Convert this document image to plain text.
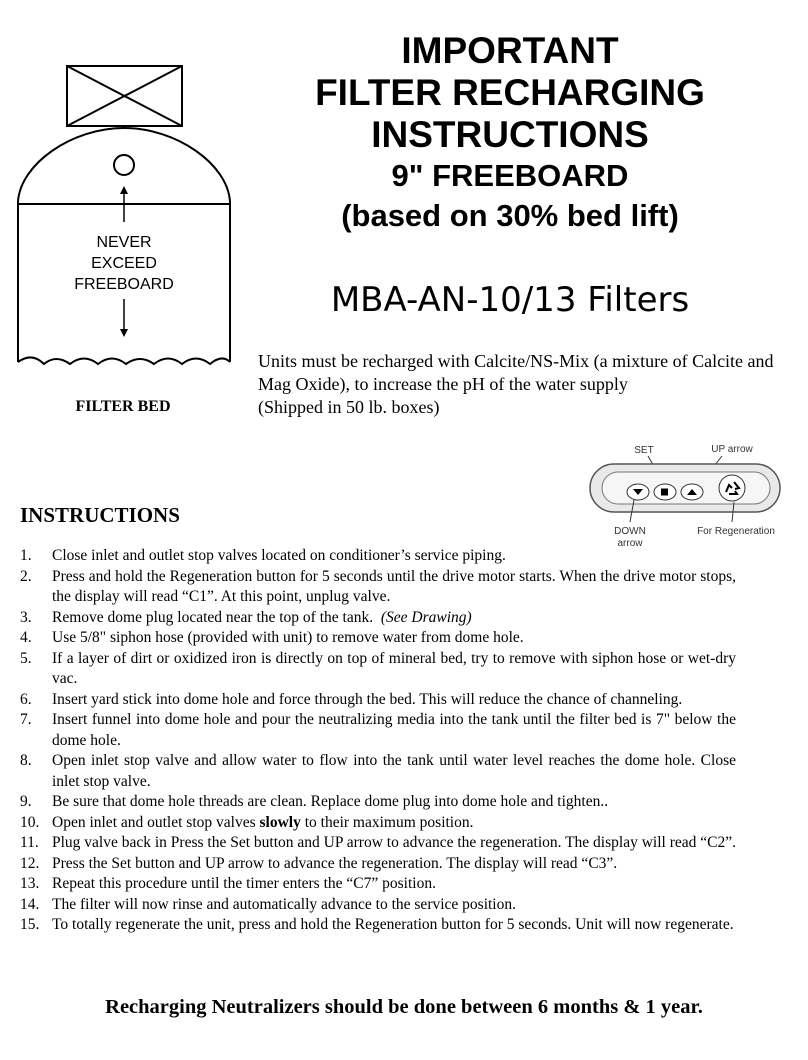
IMPORTANT
FILTER RECHARGING
INSTRUCTIONS
9" FREEBOARD
(based on 30% bed lift)
MBA-AN-10/13 Filters
NEVER
EXCEED
FREEBOARD
FILTER BED

Units must be recharged with Calcite/NS-Mix (a mixture of Calcite and Mag Oxide), to increase the pH of the water supply

(Shipped in 50 lb. boxes)

SET	UP arrow
DOWN
arrow
For Regeneration
INSTRUCTIONS
1.	Close inlet and outlet stop valves located on conditioner’s service piping.
2.	Press and hold the Regeneration button for 5 seconds until the drive motor starts. When the drive motor stops, the display will read “C1”. At this point, unplug valve.
3.	Remove dome plug located near the top of the tank. (See Drawing)
4.	Use 5/8" siphon hose (provided with unit) to remove water from dome hole.
5.	If a layer of dirt or oxidized iron is directly on top of mineral bed, try to remove with siphon hose or wet-dry vac.
6.	Insert yard stick into dome hole and force through the bed. This will reduce the chance of channeling.
7.	Insert funnel into dome hole and pour the neutralizing media into the tank until the filter bed is 7" below the dome hole.
8.	Open inlet stop valve and allow water to flow into the tank until water level reaches the dome hole. Close inlet stop valve.
9.	Be sure that dome hole threads are clean. Replace dome plug into dome hole and tighten..
10. Open inlet and outlet stop valves slowly to their maximum position.
11. Plug valve back in Press the Set button and UP arrow to advance the regeneration. The display will read “C2”.
12. Press the Set button and UP arrow to advance the regeneration. The display will read “C3”.
13. Repeat this procedure until the timer enters the “C7” position.
14. The filter will now rinse and automatically advance to the service position.
15. To totally regenerate the unit, press and hold the Regeneration button for 5 seconds. Unit will now regenerate.
Recharging Neutralizers should be done between 6 months & 1 year.
